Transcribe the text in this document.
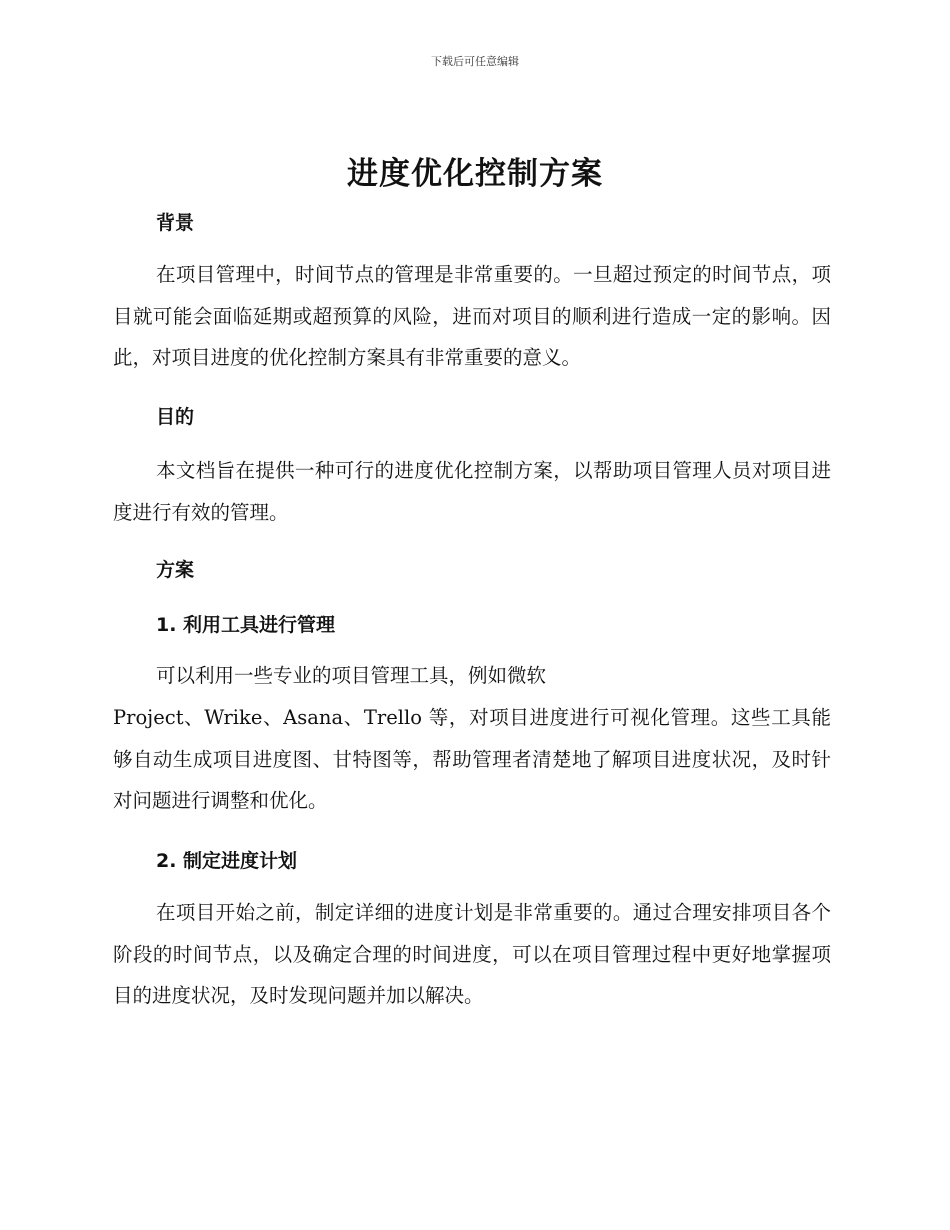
下载后可任意编辑
进度优化控制方案
背景

在项目管理中，时间节点的管理是非常重要的。一旦超过预定的时间节点，项目就可能会面临延期或超预算的风险，进而对项目的顺利进行造成一定的影响。因此，对项目进度的优化控制方案具有非常重要的意义。

目的

本文档旨在提供一种可行的进度优化控制方案，以帮助项目管理人员对项目进度进行有效的管理。

方案
1. 利用工具进行管理

可以利用一些专业的项目管理工具，例如微软

Project、Wrike、Asana、Trello 等，对项目进度进行可视化管理。这些工具能够自动生成项目进度图、甘特图等，帮助管理者清楚地了解项目进度状况，及时针对问题进行调整和优化。

2. 制定进度计划

在项目开始之前，制定详细的进度计划是非常重要的。通过合理安排项目各个阶段的时间节点，以及确定合理的时间进度，可以在项目管理过程中更好地掌握项目的进度状况，及时发现问题并加以解决。
